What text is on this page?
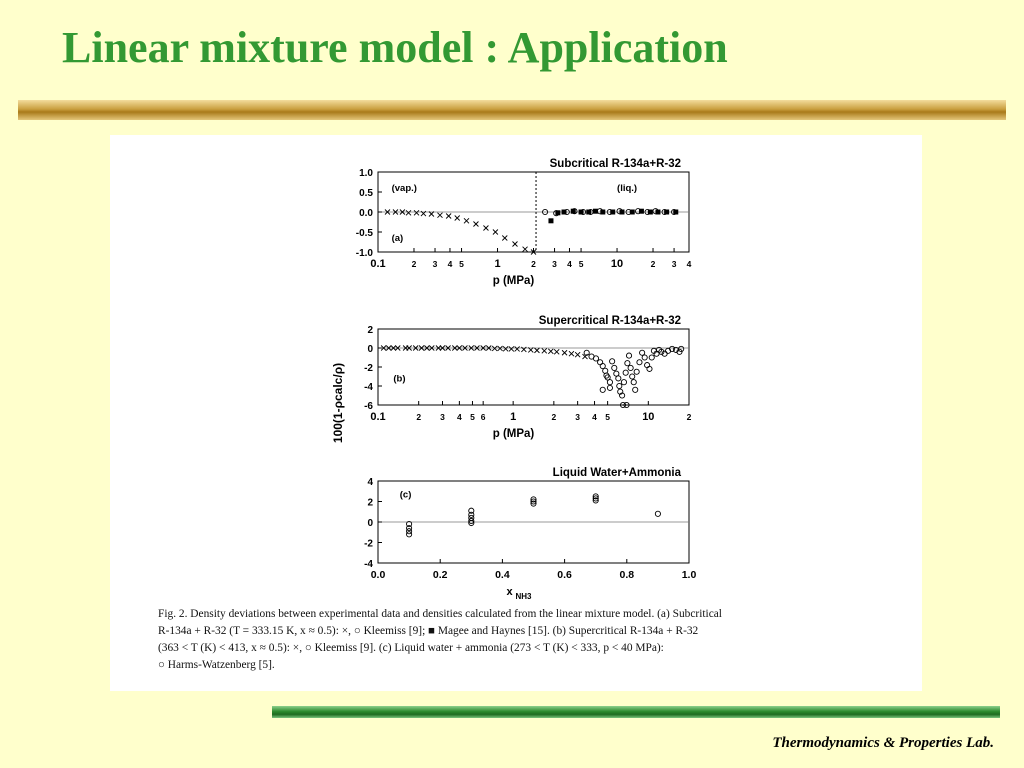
Linear mixture model : Application
Subcritical R-134a+R-32
1.0
0.5
0.0
-0.5
-1.0
0.1	2 3 4 5	1	2 3 4 5 10	2 3 4
p (MPa)
(vap.)	(liq.)
(a)
Supercritical R-134a+R-32
2
0
-2
-4
-6
0.1	2 3 4 5 6 1	2 3 4 5	10	2
p (MPa)
(b)
Liquid Water+Ammonia
4
2
0
-2
-4
0.0	0.2	0.4	0.6	0.8	1.0
x NH3
(c)
100(1-ρcalc/ρ)
Fig. 2. Density deviations between experimental data and densities calculated from the linear mixture model. (a) Subcritical
R-134a + R-32 (T = 333.15 K, x ≈ 0.5): ×, ○ Kleemiss [9]; ■ Magee and Haynes [15]. (b) Supercritical R-134a + R-32
(363 < T (K) < 413, x ≈ 0.5): ×, ○ Kleemiss [9]. (c) Liquid water + ammonia (273 < T (K) < 333, p < 40 MPa):
○ Harms-Watzenberg [5].
Thermodynamics & Properties Lab.
